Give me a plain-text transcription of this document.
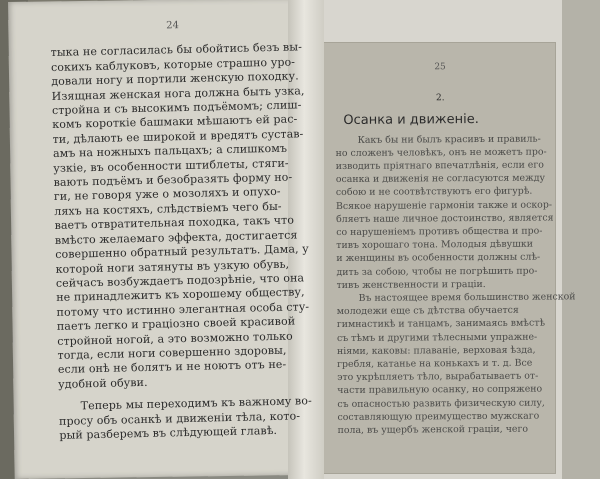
24
тыка не согласилась бы обойтись безъ вы-
сокихъ каблуковъ, которые страшно уро-
довали ногу и портили женскую походку.
Изящная женская нога должна быть узка,
стройна и съ высокимъ подъёмомъ; слиш-
комъ короткіе башмаки мѣшаютъ ей рас-
ти, дѣлають ее широкой и вредятъ сустав-
амъ на ножныхъ пальцахъ; а слишкомъ
узкіе, въ особенности штиблеты, стяги-
вають подъёмъ и безобразять форму но-
ги, не говоря уже о мозоляхъ и опухо-
ляхъ на костяхъ, слѣдствіемъ чего бы-
ваетъ отвратительная походка, такъ что
вмѣсто желаемаго эффекта, достигается
совершенно обратный результатъ. Дама, у
которой ноги затянуты въ узкую обувь,
сейчасъ возбуждаетъ подозрѣніе, что она
не принадлежитъ къ хорошему обществу,
потому что истинно элегантная особа сту-
паетъ легко и граціозно своей красивой
стройной ногой, а это возможно только
тогда, если ноги совершенно здоровы,
если онѣ не болятъ и не ноютъ отъ не-
удобной обуви.
Теперь мы переходимъ къ важному во-
просу объ осанкѣ и движеніи тѣла, кото-
рый разберемъ въ слѣдующей главѣ.
25
2.
Осанка и движеніе.
Какъ бы ни былъ красивъ и правиль-
но сложенъ человѣкъ, онъ не можетъ про-
изводить пріятнаго впечатлѣнія, если его
осанка и движенія не согласуются между
собою и не соотвѣтствуютъ его фигурѣ.
Всякое нарушеніе гармоніи также и оскор-
бляетъ наше личное достоинство, является
со нарушеніемъ противъ общества и про-
тивъ хорошаго тона. Молодыя дѣвушки
и женщины въ особенности должны слѣ-
дить за собою, чтобы не погрѣшить про-
тивъ женственности и граціи.
Въ настоящее время большинство женской
молодежи еще съ дѣтства обучается
гимнастикѣ и танцамъ, занимаясь вмѣстѣ
съ тѣмъ и другими тѣлесными упражне-
ніями, каковы: плаваніе, верховая ѣзда,
гребля, катанье на конькахъ и т. д. Все
это укрѣпляетъ тѣло, вырабатываетъ от-
части правильную осанку, но сопряжено
съ опасностью развить физическую силу,
составляющую преимущество мужскаго
пола, въ ущербъ женской граціи, чего
